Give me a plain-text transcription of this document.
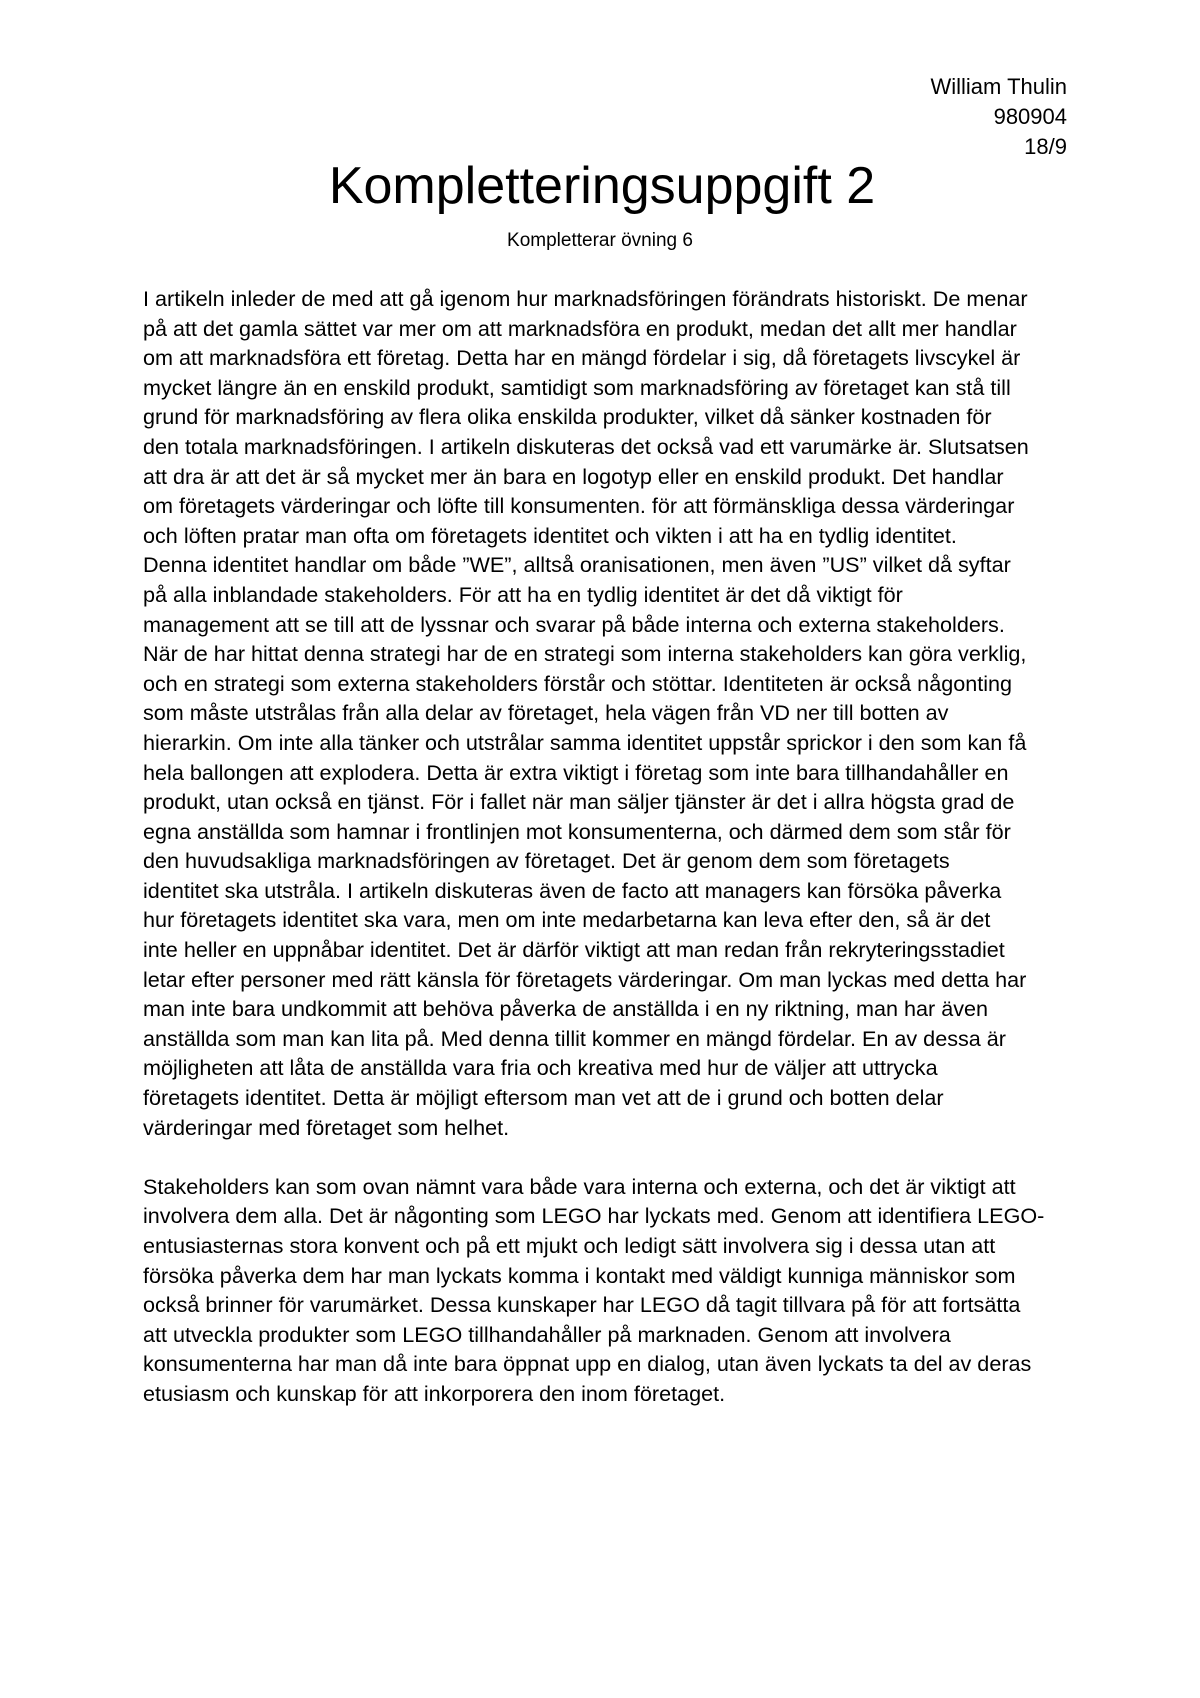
William Thulin
980904
18/9
Kompletteringsuppgift 2
Kompletterar övning 6

I artikeln inleder de med att gå igenom hur marknadsföringen förändrats historiskt. De menar
på att det gamla sättet var mer om att marknadsföra en produkt, medan det allt mer handlar
om att marknadsföra ett företag. Detta har en mängd fördelar i sig, då företagets livscykel är
mycket längre än en enskild produkt, samtidigt som marknadsföring av företaget kan stå till
grund för marknadsföring av flera olika enskilda produkter, vilket då sänker kostnaden för
den totala marknadsföringen. I artikeln diskuteras det också vad ett varumärke är. Slutsatsen
att dra är att det är så mycket mer än bara en logotyp eller en enskild produkt. Det handlar
om företagets värderingar och löfte till konsumenten. för att förmänskliga dessa värderingar
och löften pratar man ofta om företagets identitet och vikten i att ha en tydlig identitet.
Denna identitet handlar om både ”WE”, alltså oranisationen, men även ”US” vilket då syftar
på alla inblandade stakeholders. För att ha en tydlig identitet är det då viktigt för
management att se till att de lyssnar och svarar på både interna och externa stakeholders.
När de har hittat denna strategi har de en strategi som interna stakeholders kan göra verklig,
och en strategi som externa stakeholders förstår och stöttar. Identiteten är också någonting
som måste utstrålas från alla delar av företaget, hela vägen från VD ner till botten av
hierarkin. Om inte alla tänker och utstrålar samma identitet uppstår sprickor i den som kan få
hela ballongen att explodera. Detta är extra viktigt i företag som inte bara tillhandahåller en
produkt, utan också en tjänst. För i fallet när man säljer tjänster är det i allra högsta grad de
egna anställda som hamnar i frontlinjen mot konsumenterna, och därmed dem som står för
den huvudsakliga marknadsföringen av företaget. Det är genom dem som företagets
identitet ska utstråla. I artikeln diskuteras även de facto att managers kan försöka påverka
hur företagets identitet ska vara, men om inte medarbetarna kan leva efter den, så är det
inte heller en uppnåbar identitet. Det är därför viktigt att man redan från rekryteringsstadiet
letar efter personer med rätt känsla för företagets värderingar. Om man lyckas med detta har
man inte bara undkommit att behöva påverka de anställda i en ny riktning, man har även
anställda som man kan lita på. Med denna tillit kommer en mängd fördelar. En av dessa är
möjligheten att låta de anställda vara fria och kreativa med hur de väljer att uttrycka
företagets identitet. Detta är möjligt eftersom man vet att de i grund och botten delar
värderingar med företaget som helhet.

Stakeholders kan som ovan nämnt vara både vara interna och externa, och det är viktigt att
involvera dem alla. Det är någonting som LEGO har lyckats med. Genom att identifiera LEGO-
entusiasternas stora konvent och på ett mjukt och ledigt sätt involvera sig i dessa utan att
försöka påverka dem har man lyckats komma i kontakt med väldigt kunniga människor som
också brinner för varumärket. Dessa kunskaper har LEGO då tagit tillvara på för att fortsätta
att utveckla produkter som LEGO tillhandahåller på marknaden. Genom att involvera
konsumenterna har man då inte bara öppnat upp en dialog, utan även lyckats ta del av deras
etusiasm och kunskap för att inkorporera den inom företaget.
